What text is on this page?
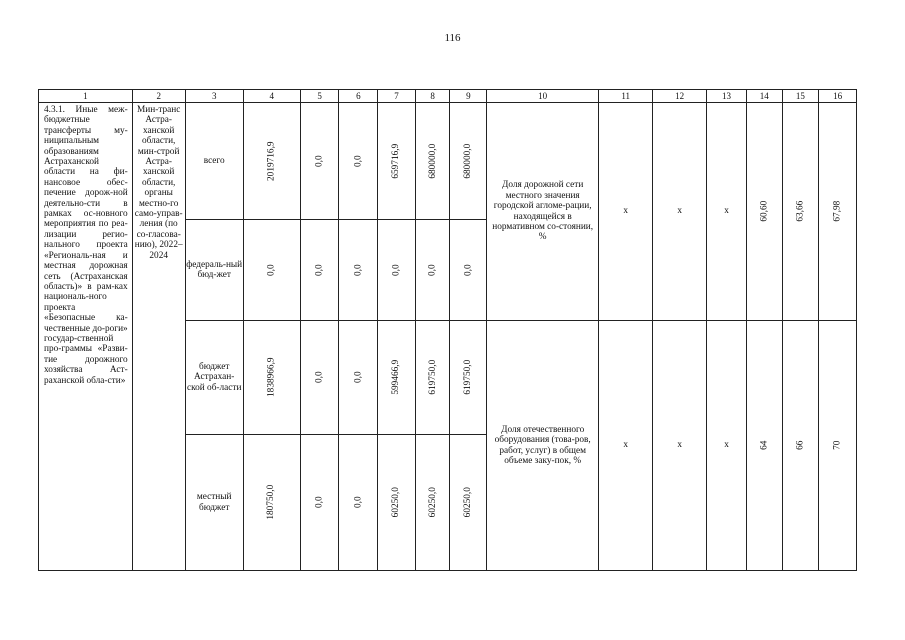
116
1	2	3	4	5	6	7	8	9	10	11	12	13	14	15	16
4.3.1. Иные меж-бюджетные трансферты му-ниципальным образованиям Астраханской области на фи-нансовое обес-печение дорож-ной деятельно-сти в рамках ос-новного мероприятия по реа-лизации регио-нального проекта «Региональ-ная и местная дорожная сеть (Астраханская область)» в рам-ках националь-ного проекта «Безопасные ка-чественные до-роги» государ-ственной про-граммы «Разви-тие дорожного хозяйства Аст-раханской обла-сти»	Мин-транс Астра-ханской области, мин-строй Астра-ханской области, органы местно-го само-управ-ления (по со-гласова-нию), 2022–2024	всего	2019716,9	0,0	0,0	659716,9	680000,0	680000,0	Доля дорожной сети местного значения городской агломе-рации, находящейся в нормативном со-стоянии, %	x	x	x	60,60	63,66	67,98
		федераль-ный бюд-жет	0,0	0,0	0,0	0,0	0,0	0,0							
		бюджет Астрахан-ской об-ласти	1838966,9	0,0	0,0	599466,9	619750,0	619750,0	Доля отечественного оборудования (това-ров, работ, услуг) в общем объеме заку-пок, %	x	x	x	64	66	70
		местный бюджет	180750,0	0,0	0,0	60250,0	60250,0	60250,0							
